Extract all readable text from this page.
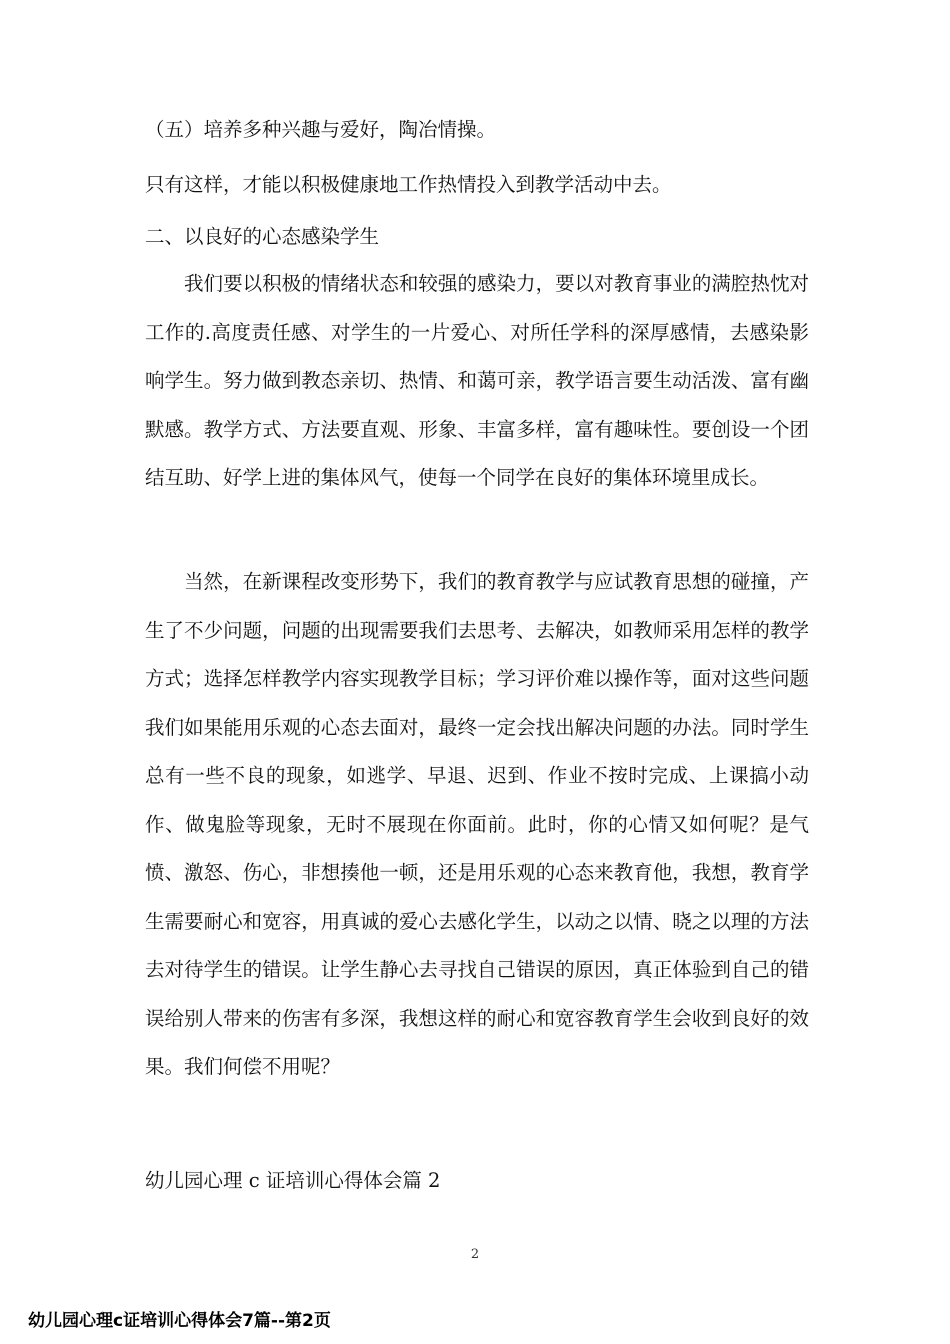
（五）培养多种兴趣与爱好，陶冶情操。
只有这样，才能以积极健康地工作热情投入到教学活动中去。
二、以良好的心态感染学生

我们要以积极的情绪状态和较强的感染力，要以对教育事业的满腔热忱对工作的.高度责任感、对学生的一片爱心、对所任学科的深厚感情，去感染影响学生。努力做到教态亲切、热情、和蔼可亲，教学语言要生动活泼、富有幽默感。教学方式、方法要直观、形象、丰富多样，富有趣味性。要创设一个团结互助、好学上进的集体风气，使每一个同学在良好的集体环境里成长。

当然，在新课程改变形势下，我们的教育教学与应试教育思想的碰撞，产生了不少问题，问题的出现需要我们去思考、去解决，如教师采用怎样的教学方式；选择怎样教学内容实现教学目标；学习评价难以操作等，面对这些问题我们如果能用乐观的心态去面对，最终一定会找出解决问题的办法。同时学生总有一些不良的现象，如逃学、早退、迟到、作业不按时完成、上课搞小动作、做鬼脸等现象，无时不展现在你面前。此时，你的心情又如何呢？是气愤、激怒、伤心，非想揍他一顿，还是用乐观的心态来教育他，我想，教育学生需要耐心和宽容，用真诚的爱心去感化学生，以动之以情、晓之以理的方法去对待学生的错误。让学生静心去寻找自己错误的原因，真正体验到自己的错误给别人带来的伤害有多深，我想这样的耐心和宽容教育学生会收到良好的效果。我们何偿不用呢？

幼儿园心理 c 证培训心得体会篇 2
2
幼儿园心理c证培训心得体会7篇--第2页
